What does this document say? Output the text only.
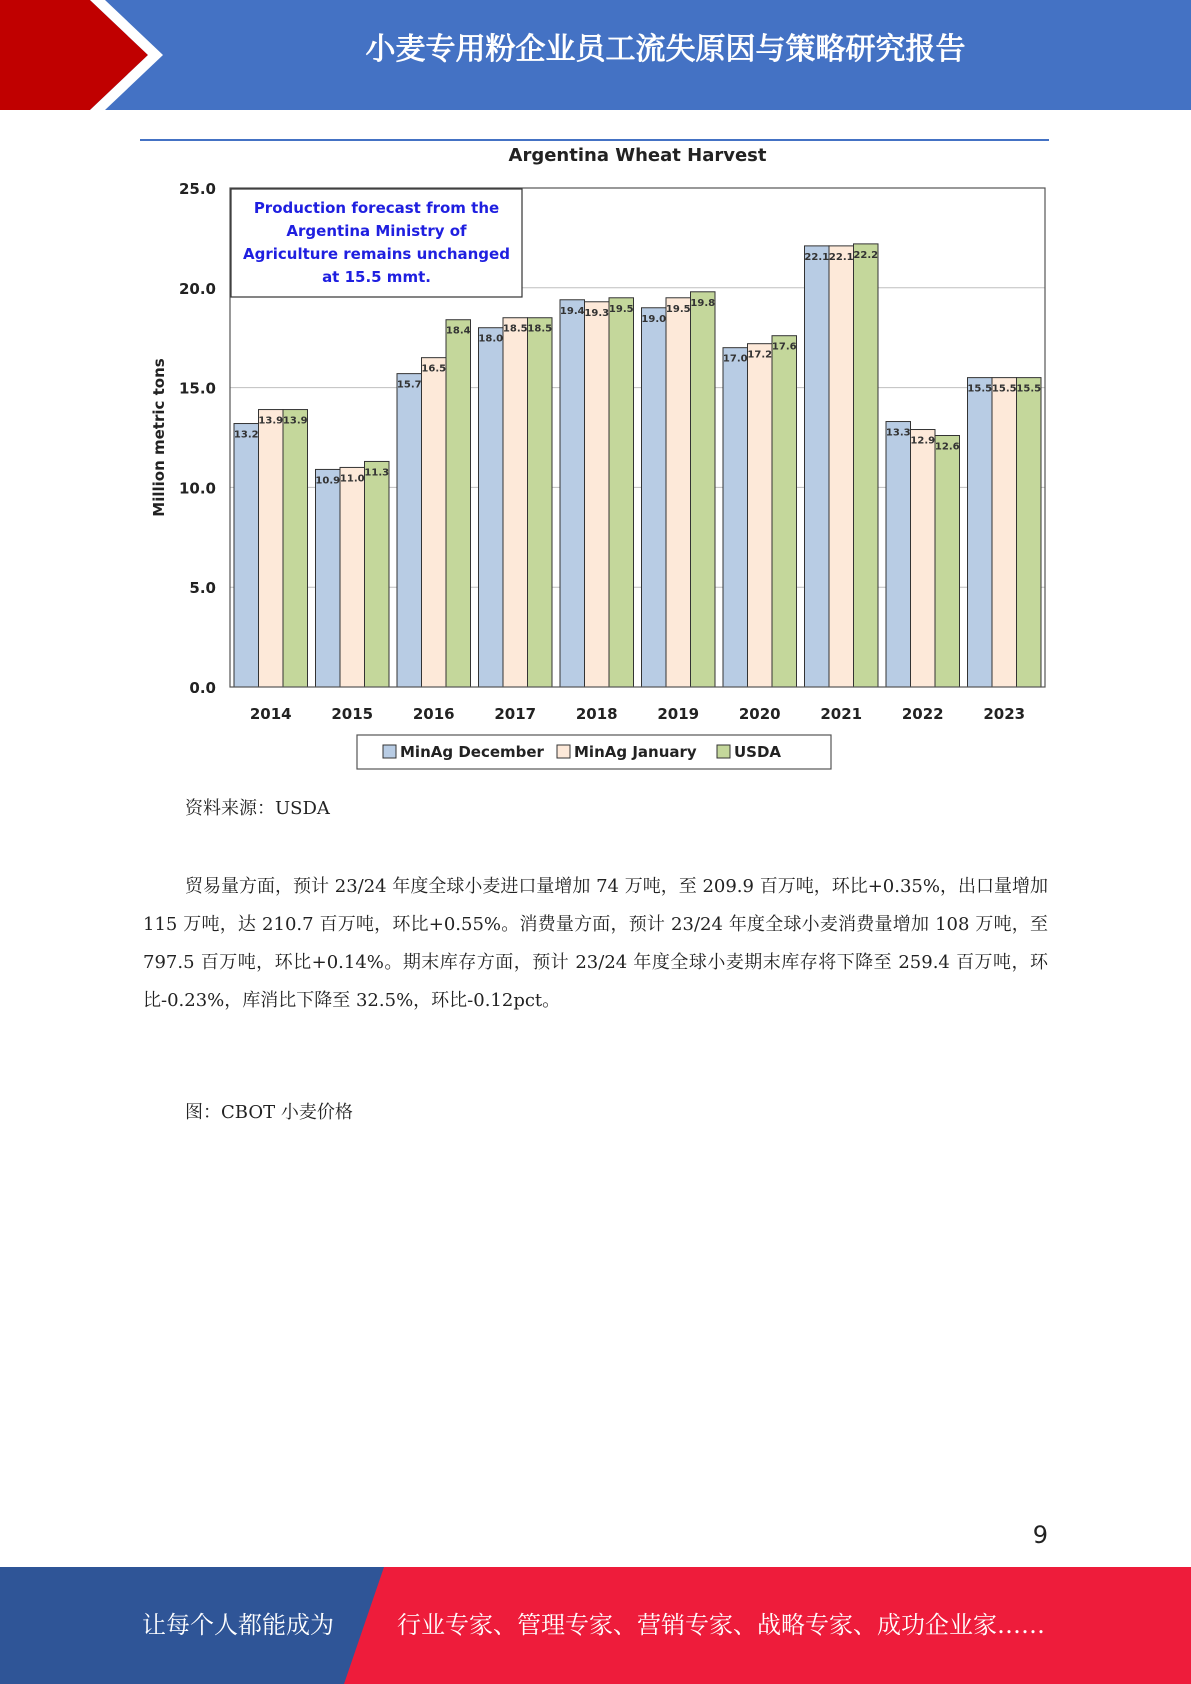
小麦专用粉企业员工流失原因与策略研究报告
Argentina Wheat Harvest
0.0
5.0
10.0
15.0
20.0
25.0
Million metric tons	13.2
13.9 13.9
2014
10.9 11.0
11.3
2015
15.7
16.5
18.4
2016
18.0
18.5 18.5
2017
19.4 19.3 19.5
2018
19.0
19.5
19.8
2019
17.0 17.2
17.6
2020
22.1 22.1 22.2
2021
13.3
12.9
12.6
2022
15.5 15.5 15.5
2023
Production forecast from the
Argentina Ministry of
Agriculture remains unchanged
at 15.5 mmt.
MinAg December MinAg January USDA
资料来源：USDA

贸易量方面，预计 23/24 年度全球小麦进口量增加 74 万吨，至 209.9 百万吨，环比+0.35%，出口量增加 115 万吨，达 210.7 百万吨，环比+0.55%。消费量方面，预计 23/24 年度全球小麦消费量增加 108 万吨，至 797.5 百万吨，环比+0.14%。期末库存方面，预计 23/24 年度全球小麦期末库存将下降至 259.4 百万吨，环比-0.23%，库消比下降至 32.5%，环比-0.12pct。

图：CBOT 小麦价格
9
让每个人都能成为	行业专家、管理专家、营销专家、战略专家、成功企业家……
